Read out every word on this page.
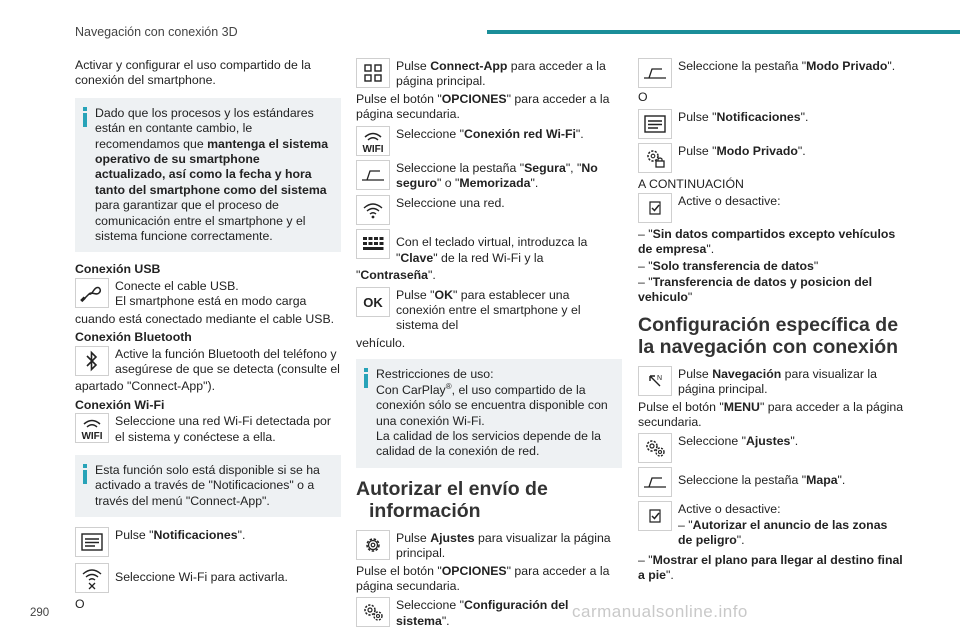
Navegación con conexión 3D

Activar y configurar el uso compartido de la conexión del smartphone.

Dado que los procesos y los estándares están en contante cambio, le recomendamos que mantenga el sistema operativo de su smartphone actualizado, así como la fecha y hora tanto del smartphone como del sistema para garantizar que el proceso de comunicación entre el smartphone y el sistema funcione correctamente.

Conexión USB

Conecte el cable USB.

El smartphone está en modo carga

cuando está conectado mediante el cable USB.

Conexión Bluetooth

Active la función Bluetooth del teléfono y asegúrese de que se detecta (consulte el

apartado "Connect-App").

Conexión Wi-Fi

WIFI
Seleccione una red Wi-Fi detectada por el sistema y conéctese a ella.
Esta función solo está disponible si se ha activado a través de "Notificaciones" o a través del menú "Connect-App".
Pulse "Notificaciones".
Seleccione Wi-Fi para activarla.

O

Pulse Connect-App para acceder a la página principal.

Pulse el botón "OPCIONES" para acceder a la página secundaria.

WIFI
Seleccione "Conexión red Wi-Fi".
Seleccione la pestaña "Segura", "No seguro" o "Memorizada".
Seleccione una red.
Con el teclado virtual, introduzca la "Clave" de la red Wi-Fi y la

"Contraseña".

OK Pulse "OK" para establecer una conexión entre el smartphone y el sistema del

vehículo.

Restricciones de uso:

Con CarPlay®, el uso compartido de la conexión sólo se encuentra disponible con una conexión Wi-Fi.

La calidad de los servicios depende de la calidad de la conexión de red.

Autorizar el envío de
información
Pulse Ajustes para visualizar la página principal.

Pulse el botón "OPCIONES" para acceder a la página secundaria.

Seleccione "Configuración del sistema".
Seleccione la pestaña "Modo Privado".

O

Pulse "Notificaciones".
Pulse "Modo Privado".

A CONTINUACIÓN

Active o desactive:

– "Sin datos compartidos excepto vehículos de empresa".

– "Solo transferencia de datos"

– "Transferencia de datos y posicion del vehiculo"

Configuración específica de
la navegación con conexión
N Pulse Navegación para visualizar la página principal.

Pulse el botón "MENU" para acceder a la página secundaria.

Seleccione "Ajustes".
Seleccione la pestaña "Mapa".

Active o desactive:

– "Autorizar el anuncio de las zonas de peligro".

– "Mostrar el plano para llegar al destino final a pie".

290	carmanualsonline.info
